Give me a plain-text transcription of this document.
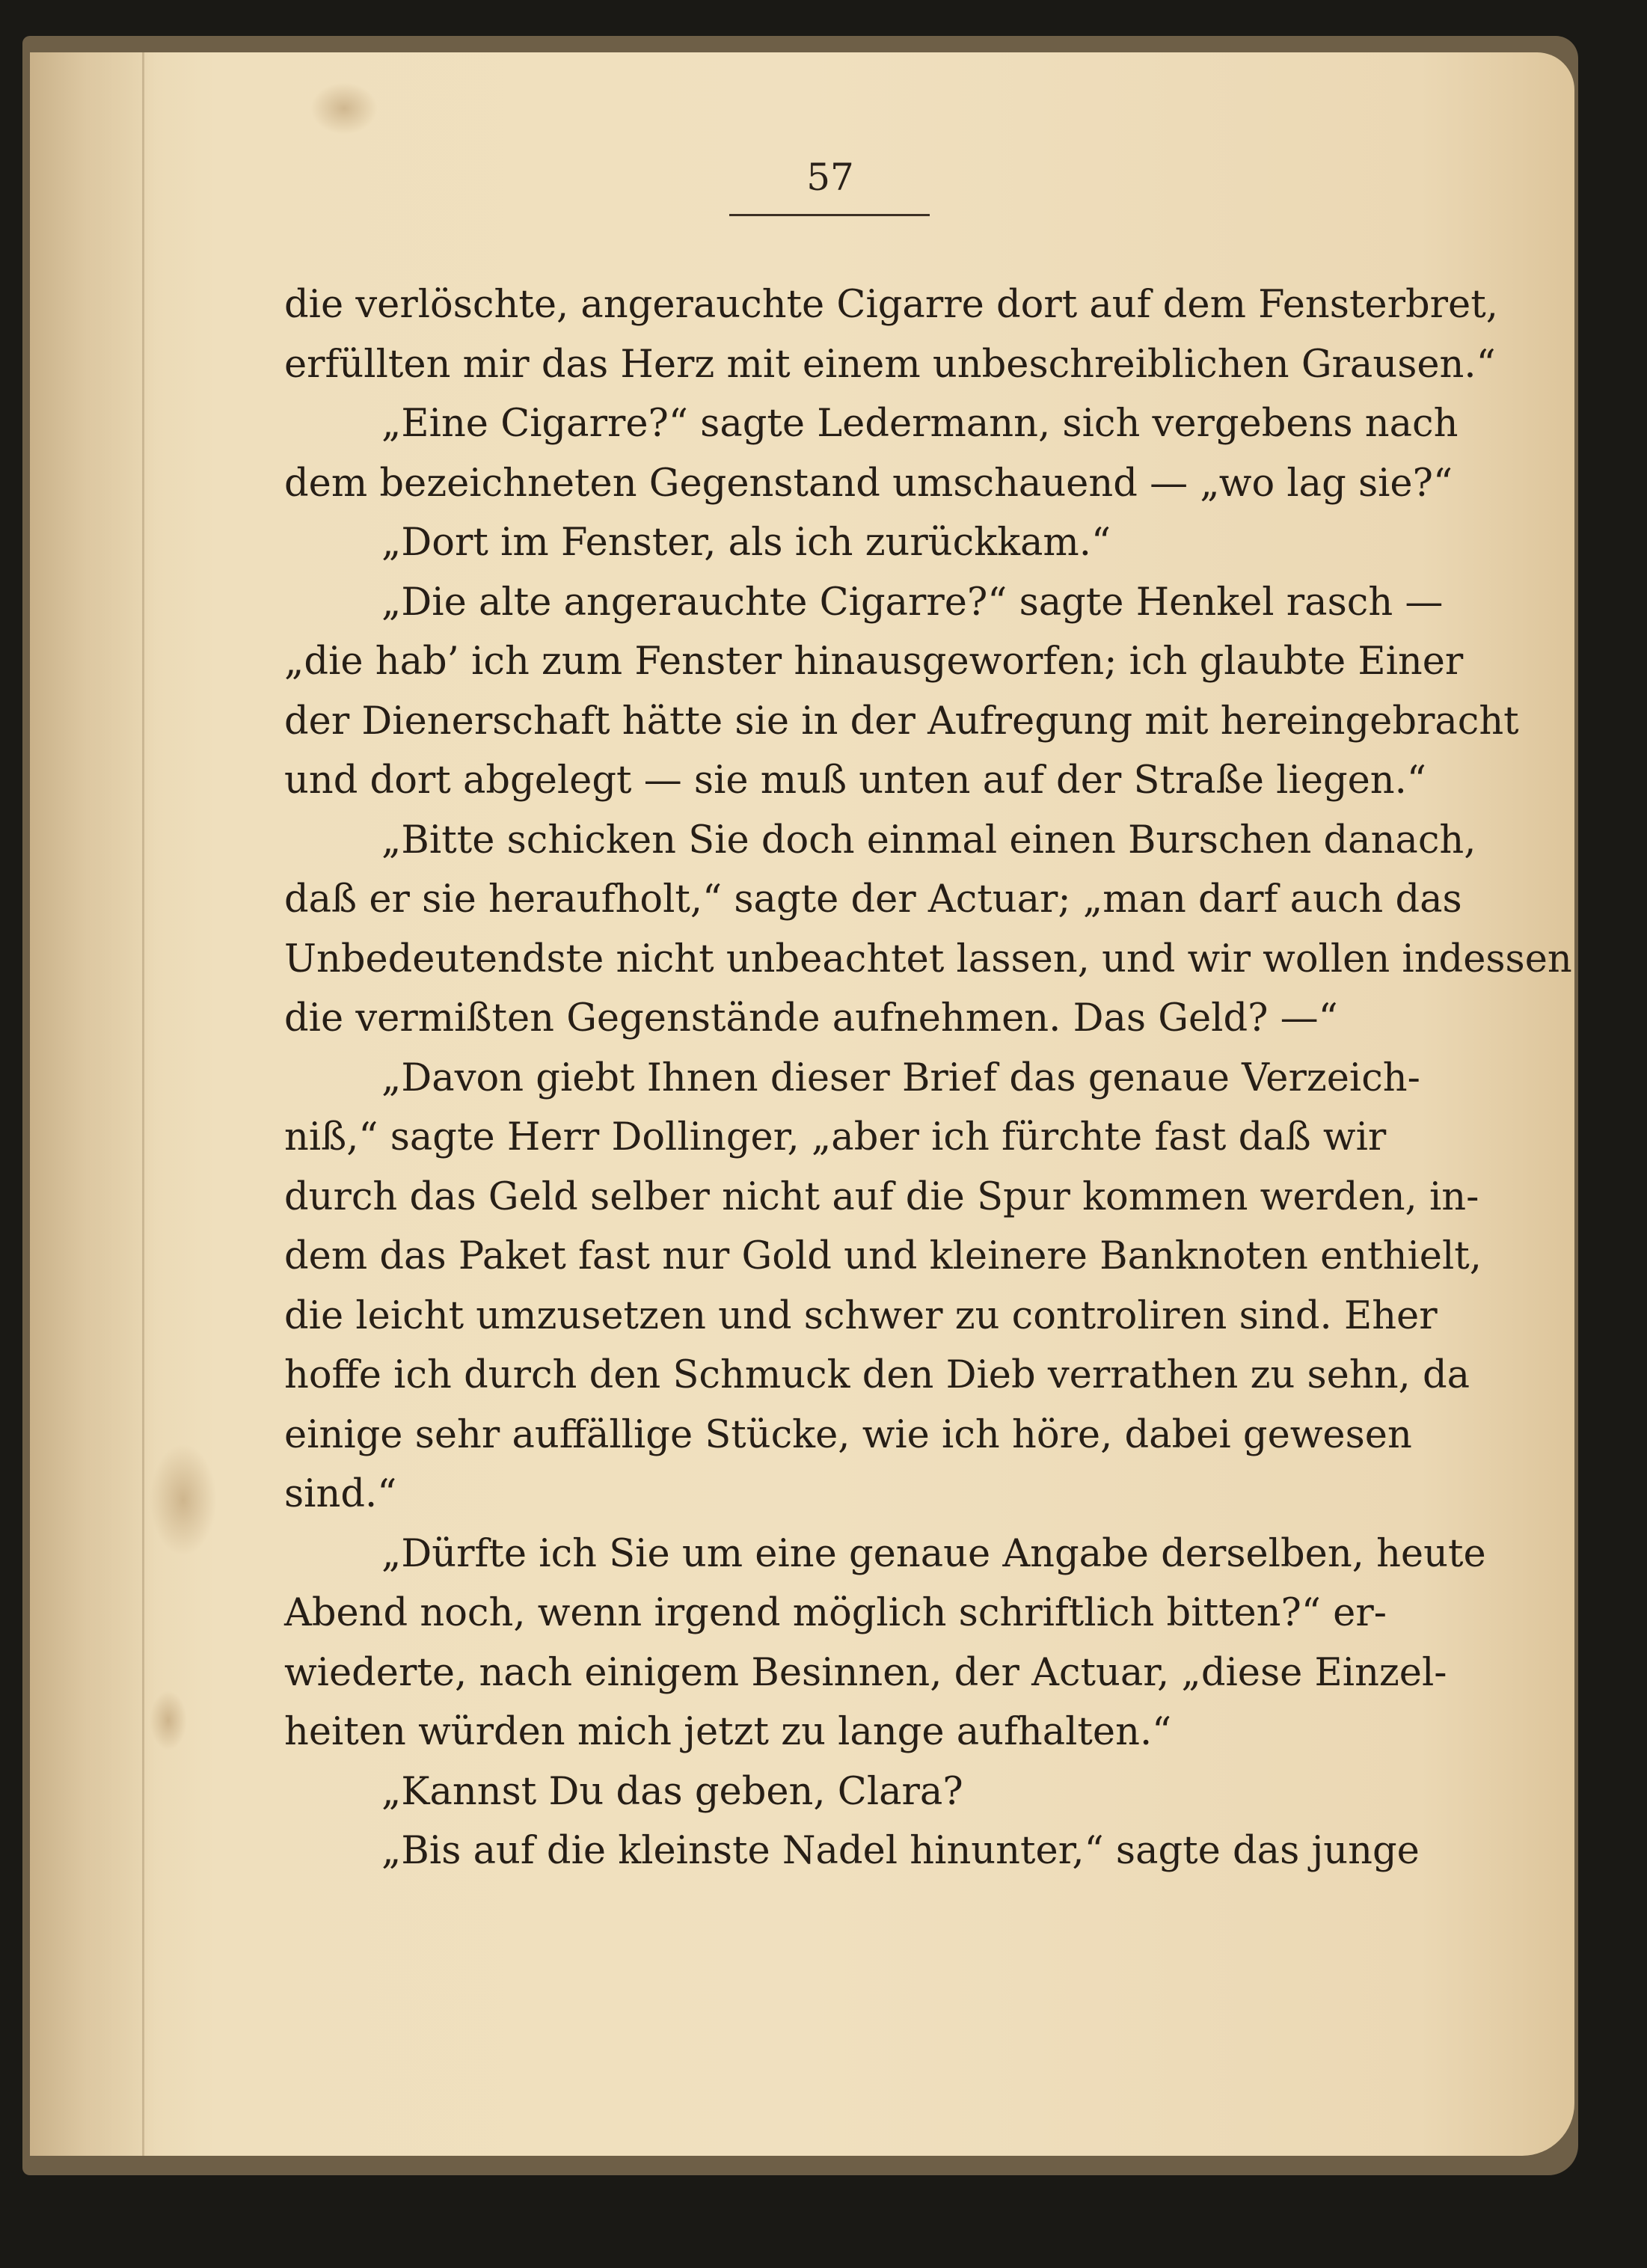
57

die verlöschte, angerauchte Cigarre dort auf dem Fensterbret,
erfüllten mir das Herz mit einem unbeschreiblichen Grausen.“
„Eine Cigarre?“ sagte Ledermann, sich vergebens nach
dem bezeichneten Gegenstand umschauend — „wo lag sie?“
„Dort im Fenster, als ich zurückkam.“
„Die alte angerauchte Cigarre?“ sagte Henkel rasch —
„die hab’ ich zum Fenster hinausgeworfen; ich glaubte Einer
der Dienerschaft hätte sie in der Aufregung mit hereingebracht
und dort abgelegt — sie muß unten auf der Straße liegen.“
„Bitte schicken Sie doch einmal einen Burschen danach,
daß er sie heraufholt,“ sagte der Actuar; „man darf auch das
Unbedeutendste nicht unbeachtet lassen, und wir wollen indessen
die vermißten Gegenstände aufnehmen. Das Geld? —“
„Davon giebt Ihnen dieser Brief das genaue Verzeich-
niß,“ sagte Herr Dollinger, „aber ich fürchte fast daß wir
durch das Geld selber nicht auf die Spur kommen werden, in-
dem das Paket fast nur Gold und kleinere Banknoten enthielt,
die leicht umzusetzen und schwer zu controliren sind. Eher
hoffe ich durch den Schmuck den Dieb verrathen zu sehn, da
einige sehr auffällige Stücke, wie ich höre, dabei gewesen
sind.“
„Dürfte ich Sie um eine genaue Angabe derselben, heute
Abend noch, wenn irgend möglich schriftlich bitten?“ er-
wiederte, nach einigem Besinnen, der Actuar, „diese Einzel-
heiten würden mich jetzt zu lange aufhalten.“
„Kannst Du das geben, Clara?
„Bis auf die kleinste Nadel hinunter,“ sagte das junge
